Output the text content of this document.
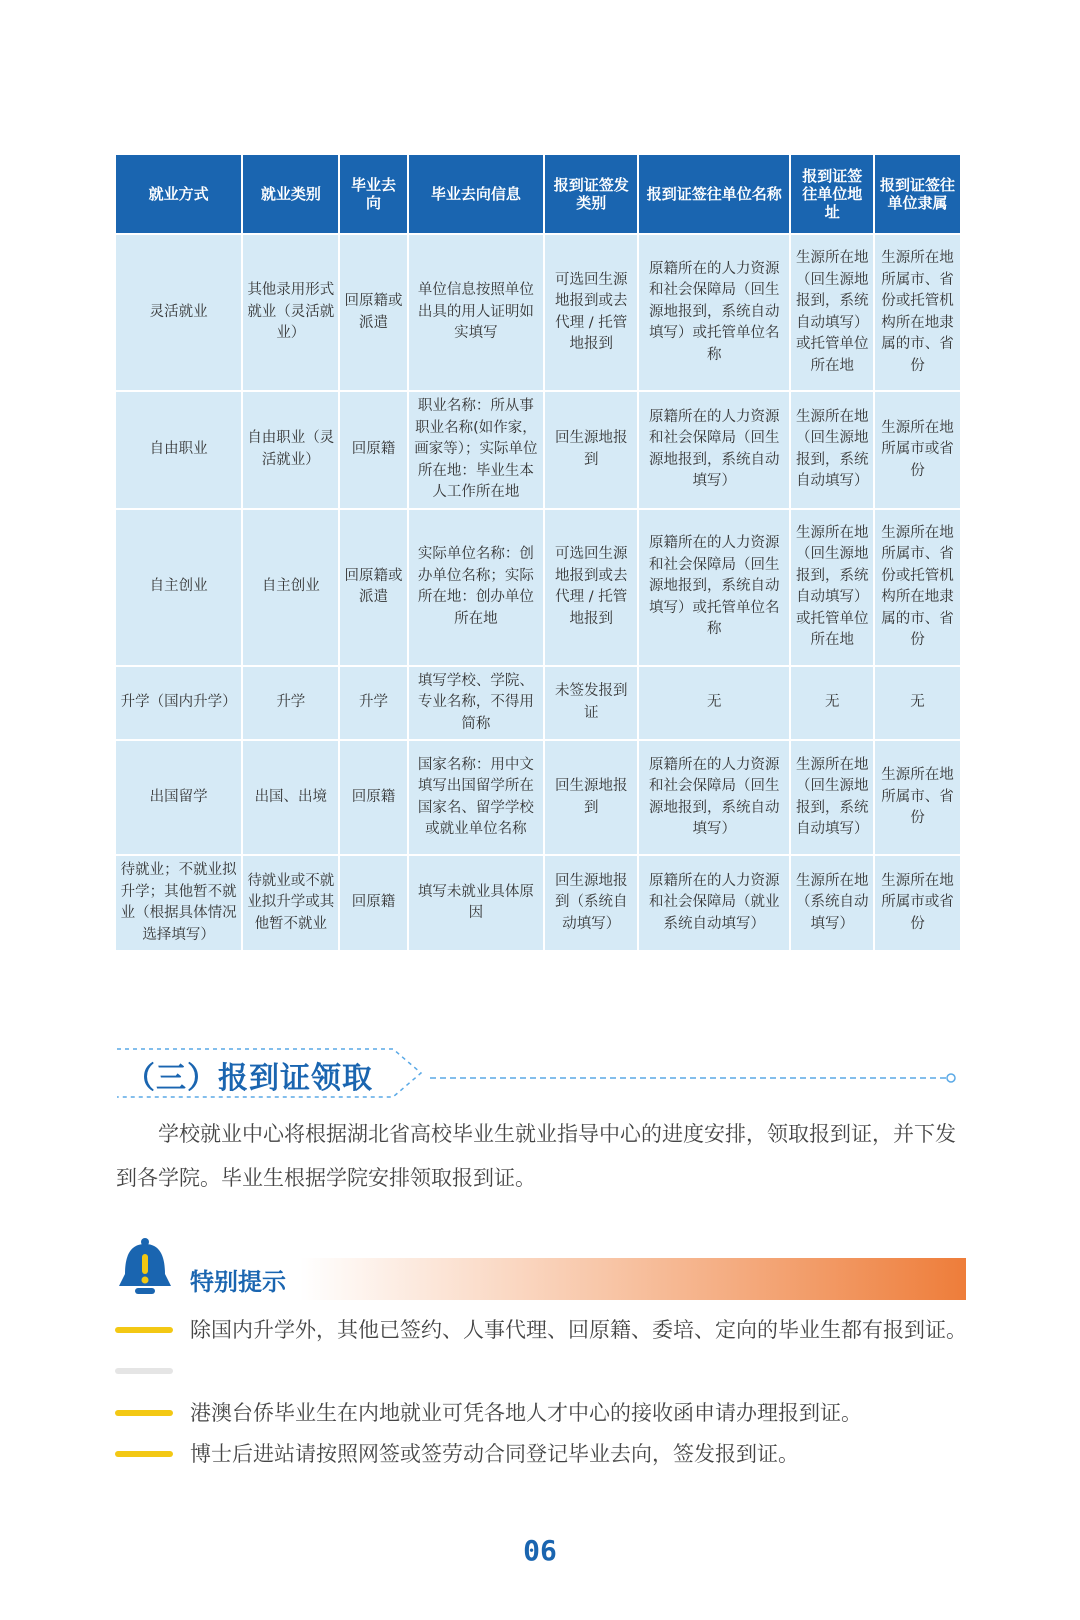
就业方式	就业类别	毕业去向	毕业去向信息	报到证签发类别	报到证签往单位名称	报到证签往单位地址	报到证签往单位隶属
灵活就业	其他录用形式就业（灵活就业）	回原籍或派遣	单位信息按照单位出具的用人证明如实填写	可选回生源地报到或去代理 / 托管地报到	原籍所在的人力资源和社会保障局（回生源地报到，系统自动填写）或托管单位名称	生源所在地（回生源地报到，系统自动填写）或托管单位所在地	生源所在地所属市、省份或托管机构所在地隶属的市、省份
自由职业	自由职业（灵活就业）	回原籍	职业名称：所从事职业名称(如作家，画家等）；实际单位所在地：毕业生本人工作所在地	回生源地报到	原籍所在的人力资源和社会保障局（回生源地报到，系统自动填写）	生源所在地（回生源地报到，系统自动填写）	生源所在地所属市或省份
自主创业	自主创业	回原籍或派遣	实际单位名称：创办单位名称；实际所在地：创办单位所在地	可选回生源地报到或去代理 / 托管地报到	原籍所在的人力资源和社会保障局（回生源地报到，系统自动填写）或托管单位名称	生源所在地（回生源地报到，系统自动填写）或托管单位所在地	生源所在地所属市、省份或托管机构所在地隶属的市、省份
升学（国内升学）	升学	升学	填写学校、学院、专业名称，不得用简称	未签发报到证	无	无	无
出国留学	出国、出境	回原籍	国家名称：用中文填写出国留学所在国家名、留学学校或就业单位名称	回生源地报到	原籍所在的人力资源和社会保障局（回生源地报到，系统自动填写）	生源所在地（回生源地报到，系统自动填写）	生源所在地所属市、省份
待就业；不就业拟升学；其他暂不就业（根据具体情况选择填写）	待就业或不就业拟升学或其他暂不就业	回原籍	填写未就业具体原因	回生源地报到（系统自动填写）	原籍所在的人力资源和社会保障局（就业系统自动填写）	生源所在地（系统自动填写）	生源所在地所属市或省份
（三）报到证领取

学校就业中心将根据湖北省高校毕业生就业指导中心的进度安排，领取报到证，并下发到各学院。毕业生根据学院安排领取报到证。

特别提示
除国内升学外，其他已签约、人事代理、回原籍、委培、定向的毕业生都有报到证。
港澳台侨毕业生在内地就业可凭各地人才中心的接收函申请办理报到证。
博士后进站请按照网签或签劳动合同登记毕业去向，签发报到证。
06
